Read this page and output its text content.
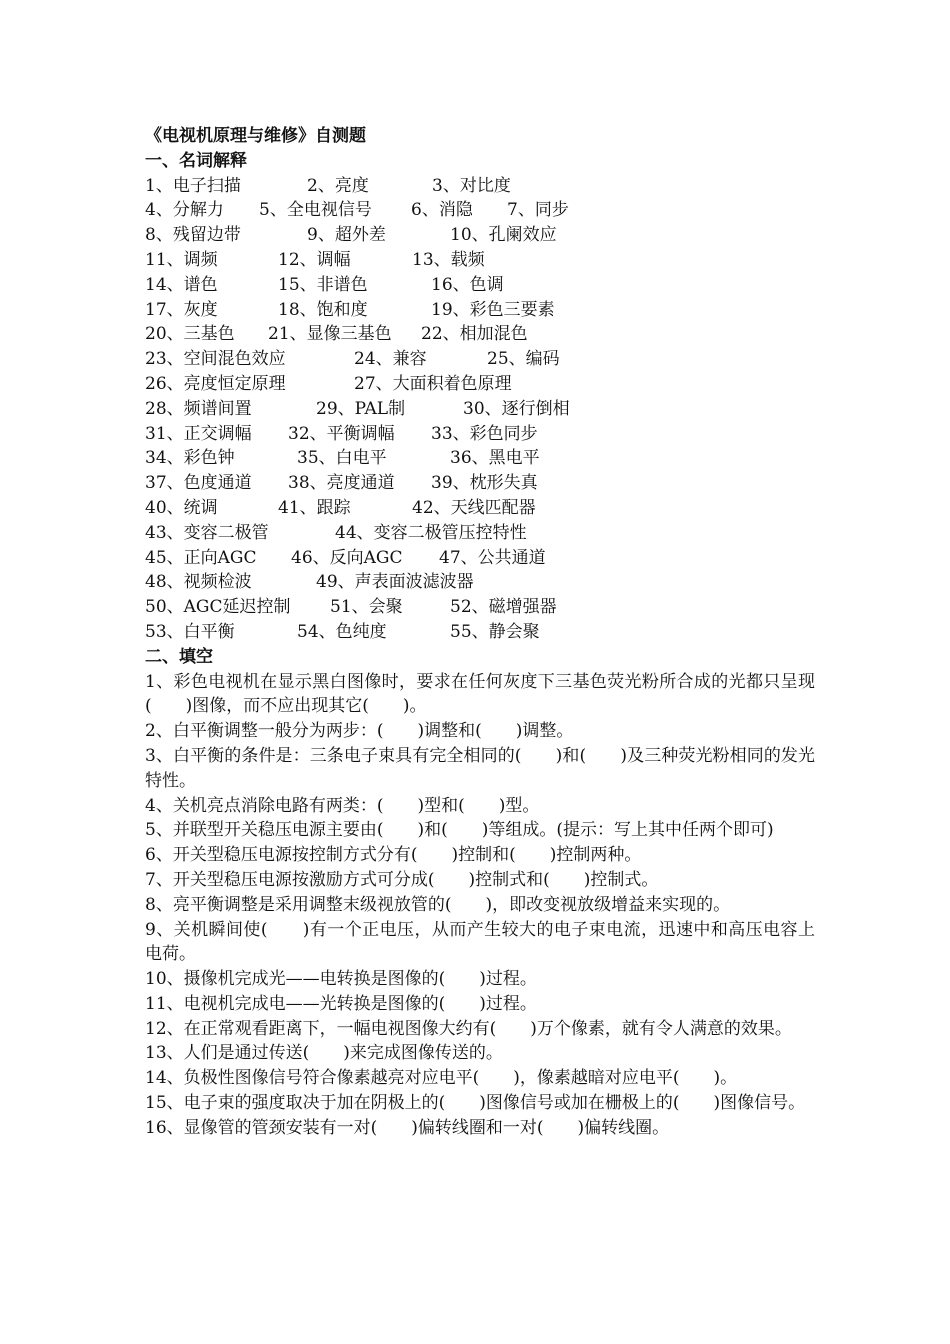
《电视机原理与维修》自测题
一、名词解释
1、电子扫描	2、亮度	3、对比度
4、分解力 5、全电视信号 6、消隐 7、同步
8、残留边带	9、超外差	10、孔阑效应
11、调频	12、调幅	13、载频
14、谱色	15、非谱色	16、色调
17、灰度	18、饱和度	19、彩色三要素
20、三基色 21、显像三基色 22、相加混色
23、空间混色效应	24、兼容	25、编码
26、亮度恒定原理	27、大面积着色原理
28、频谱间置	29、PAL制	30、逐行倒相
31、正交调幅 32、平衡调幅 33、彩色同步
34、彩色钟	35、白电平	36、黑电平
37、色度通道 38、亮度通道 39、枕形失真
40、统调	41、跟踪	42、天线匹配器
43、变容二极管	44、变容二极管压控特性
45、正向AGC 46、反向AGC 47、公共通道
48、视频检波	49、声表面波滤波器
50、AGC延迟控制 51、会聚	52、磁增强器
53、白平衡	54、色纯度	55、静会聚
二、填空

1、彩色电视机在显示黑白图像时，要求在任何灰度下三基色荧光粉所合成的光都只呈现(　　)图像，而不应出现其它(　　)。

2、白平衡调整一般分为两步：(　　)调整和(　　)调整。

3、白平衡的条件是：三条电子束具有完全相同的(　　)和(　　)及三种荧光粉相同的发光特性。

4、关机亮点消除电路有两类：(　　)型和(　　)型。

5、并联型开关稳压电源主要由(　　)和(　　)等组成。(提示：写上其中任两个即可)

6、开关型稳压电源按控制方式分有(　　)控制和(　　)控制两种。

7、开关型稳压电源按激励方式可分成(　　)控制式和(　　)控制式。

8、亮平衡调整是采用调整末级视放管的(　　)，即改变视放级增益来实现的。

9、关机瞬间使(　　)有一个正电压，从而产生较大的电子束电流，迅速中和高压电容上电荷。

10、摄像机完成光——电转换是图像的(　　)过程。

11、电视机完成电——光转换是图像的(　　)过程。

12、在正常观看距离下，一幅电视图像大约有(　　)万个像素，就有令人满意的效果。

13、人们是通过传送(　　)来完成图像传送的。

14、负极性图像信号符合像素越亮对应电平(　　)，像素越暗对应电平(　　)。

15、电子束的强度取决于加在阴极上的(　　)图像信号或加在栅极上的(　　)图像信号。

16、显像管的管颈安装有一对(　　)偏转线圈和一对(　　)偏转线圈。
